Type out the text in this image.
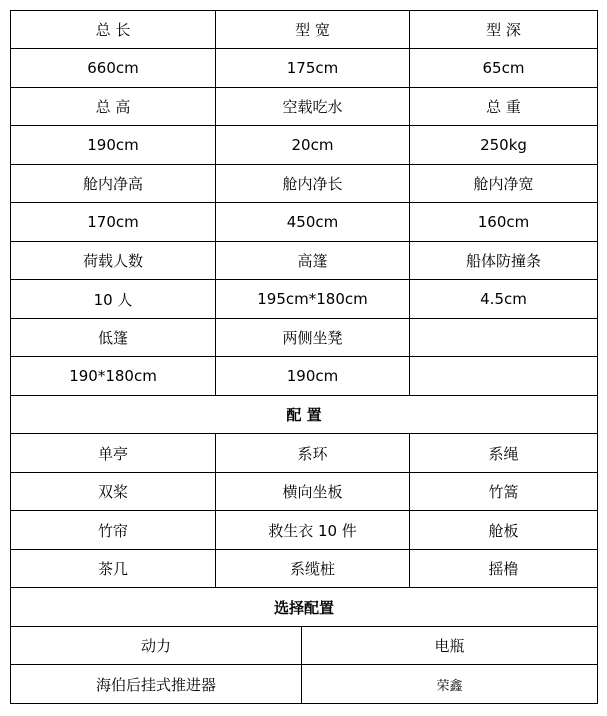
总 长	型 宽		型 深
660cm	175cm		65cm
总 高	空载吃水		总 重
190cm	20cm		250kg
舱内净高	舱内净长		舱内净宽
170cm	450cm		160cm
荷载人数	高篷		船体防撞条
10 人	195cm*180cm		4.5cm
低篷	两侧坐凳		
190*180cm	190cm		
配 置			
单亭	系环		系绳
双桨	横向坐板		竹篙
竹帘	救生衣 10 件		舱板
茶几	系缆桩		摇橹
选择配置			
动力		电瓶	
海伯后挂式推进器		荣鑫	
